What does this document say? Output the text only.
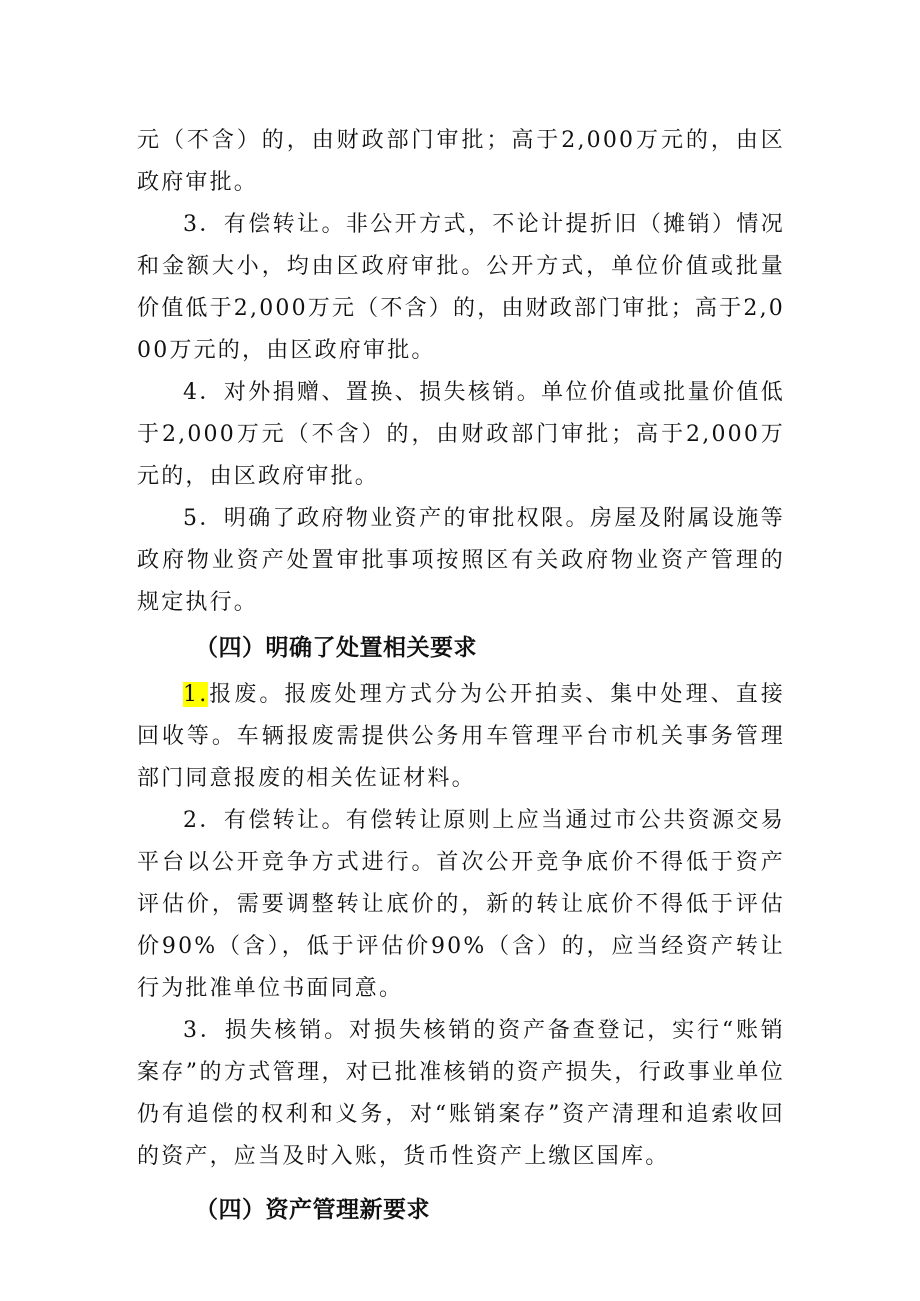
元（不含）的，由财政部门审批；高于2,000万元的，由区政府审批。

3．有偿转让。非公开方式，不论计提折旧（摊销）情况和金额大小，均由区政府审批。公开方式，单位价值或批量价值低于2,000万元（不含）的，由财政部门审批；高于2,000万元的，由区政府审批。

4．对外捐赠、置换、损失核销。单位价值或批量价值低于2,000万元（不含）的，由财政部门审批；高于2,000万元的，由区政府审批。

5．明确了政府物业资产的审批权限。房屋及附属设施等政府物业资产处置审批事项按照区有关政府物业资产管理的规定执行。

（四）明确了处置相关要求

1.报废。报废处理方式分为公开拍卖、集中处理、直接回收等。车辆报废需提供公务用车管理平台市机关事务管理部门同意报废的相关佐证材料。

2．有偿转让。有偿转让原则上应当通过市公共资源交易平台以公开竞争方式进行。首次公开竞争底价不得低于资产评估价，需要调整转让底价的，新的转让底价不得低于评估价90%（含），低于评估价90%（含）的，应当经资产转让行为批准单位书面同意。

3．损失核销。对损失核销的资产备查登记，实行“账销案存”的方式管理，对已批准核销的资产损失，行政事业单位仍有追偿的权利和义务，对“账销案存”资产清理和追索收回的资产，应当及时入账，货币性资产上缴区国库。

（四）资产管理新要求
